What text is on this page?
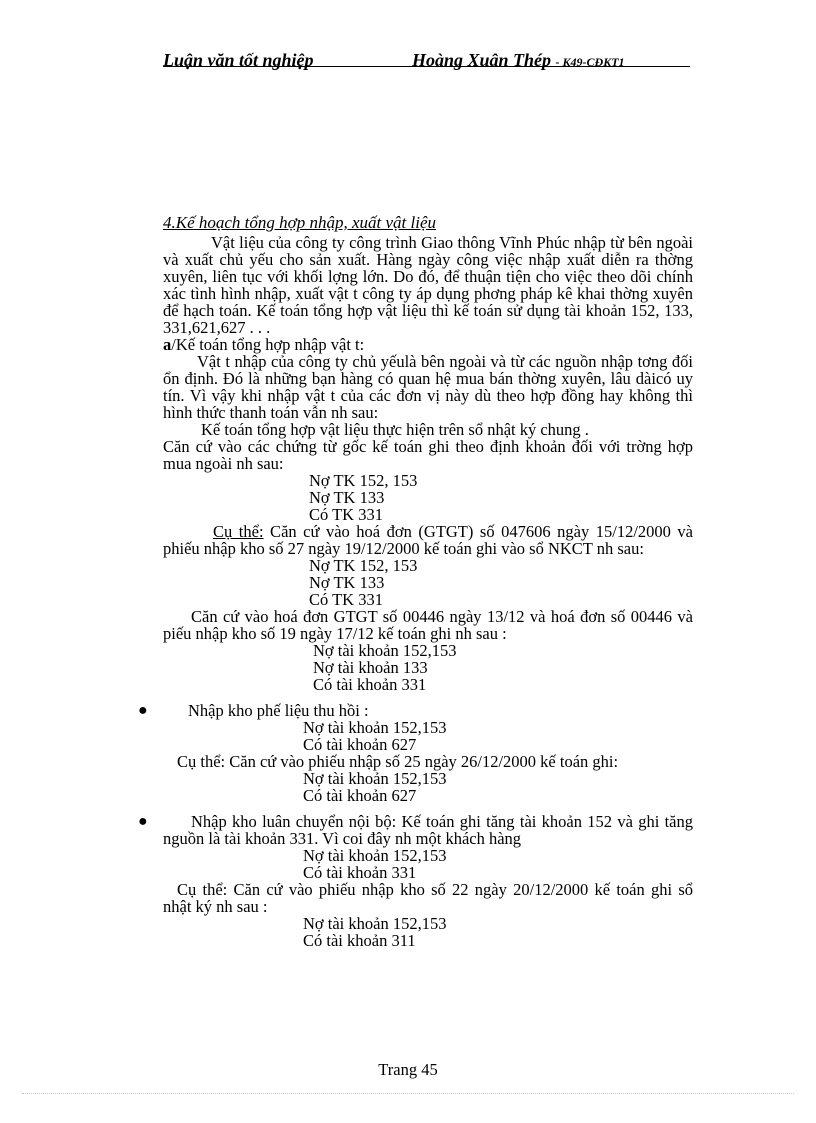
Luận văn tốt nghiệp	Hoàng Xuân Thép - K49-CĐKT1

4.Kế hoạch tổng hợp nhập, xuất vật liệu

Vật liệu của công ty công trình Giao thông Vĩnh Phúc nhập từ bên ngoài và xuất chủ yếu cho sản xuất. Hàng ngày công việc nhập xuất diễn ra thờng xuyên, liên tục với khối lợng lớn. Do đó, để thuận tiện cho việc theo dõi chính xác tình hình nhập, xuất vật t công ty áp dụng phơng pháp kê khai thờng xuyên để hạch toán. Kế toán tổng hợp vật liệu thì kế toán sử dụng tài khoản 152, 133, 331,621,627 . . .

a/Kế toán tổng hợp nhập vật t:

Vật t nhập của công ty chủ yếulà bên ngoài và từ các nguồn nhập tơng đối ổn định. Đó là những bạn hàng có quan hệ mua bán thờng xuyên, lâu dàicó uy tín. Vì vậy khi nhập vật t của các đơn vị này dù theo hợp đồng hay không thì hình thức thanh toán vẫn nh sau:

Kế toán tổng hợp vật liệu thực hiện trên sổ nhật ký chung .

Căn cứ vào các chứng từ gốc kế toán ghi theo định khoản đối với trờng hợp mua ngoài nh sau:

Nợ TK 152, 153

Nợ TK 133

Có TK 331

Cụ thể: Căn cứ vào hoá đơn (GTGT) số 047606 ngày 15/12/2000 và phiếu nhập kho số 27 ngày 19/12/2000 kế toán ghi vào sổ NKCT nh sau:

Nợ TK 152, 153

Nợ TK 133

Có TK 331

Căn cứ vào hoá đơn GTGT số 00446 ngày 13/12 và hoá đơn số 00446 và piếu nhập kho số 19 ngày 17/12 kế toán ghi nh sau :

Nợ tài khoản 152,153

Nợ tài khoản 133

Có tài khoản 331

● Nhập kho phế liệu thu hồi :

Nợ tài khoản 152,153

Có tài khoản 627

Cụ thể: Căn cứ vào phiếu nhập số 25 ngày 26/12/2000 kế toán ghi:

Nợ tài khoản 152,153

Có tài khoản 627

●	Nhập kho luân chuyển nội bộ: Kế toán ghi tăng tài khoản 152 và ghi tăng nguồn là tài khoản 331. Vì coi đây nh một khách hàng

Nợ tài khoản 152,153

Có tài khoản 331

Cụ thể: Căn cứ vào phiếu nhập kho số 22 ngày 20/12/2000 kế toán ghi sổ nhật ký nh sau :

Nợ tài khoản 152,153

Có tài khoản 311

Trang 45
